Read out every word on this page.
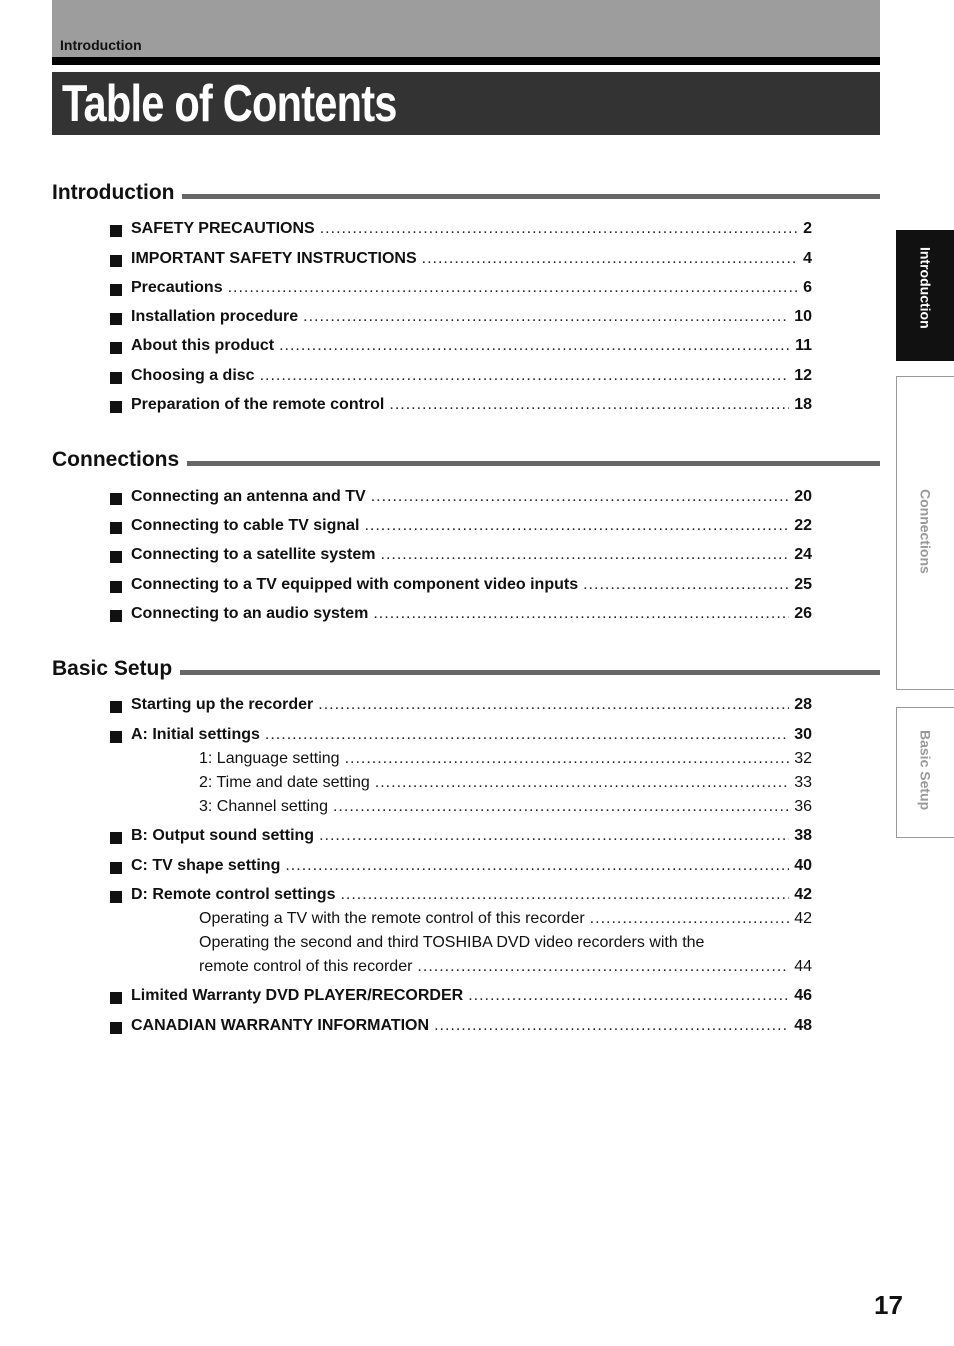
Introduction
Table of Contents
Introduction
SAFETY PRECAUTIONS .....	2
IMPORTANT SAFETY INSTRUCTIONS .....	4
Precautions .....	6
Installation procedure .....	10
About this product .....	11
Choosing a disc .....	12
Preparation of the remote control .....	18
Connections
Connecting an antenna and TV .....	20
Connecting to cable TV signal .....	22
Connecting to a satellite system .....	24
Connecting to a TV equipped with component video inputs .....	25
Connecting to an audio system .....	26
Basic Setup
Starting up the recorder .....	28
A: Initial settings .....	30
1: Language setting .....	32
2: Time and date setting .....	33
3: Channel setting .....	36
B: Output sound setting .....	38
C: TV shape setting .....	40
D: Remote control settings .....	42
Operating a TV with the remote control of this recorder .....	42
Operating the second and third TOSHIBA DVD video recorders with the
remote control of this recorder .....	44
Limited Warranty DVD PLAYER/RECORDER .....	46
CANADIAN WARRANTY INFORMATION .....	48
Introduction
Connections
Basic Setup
17
